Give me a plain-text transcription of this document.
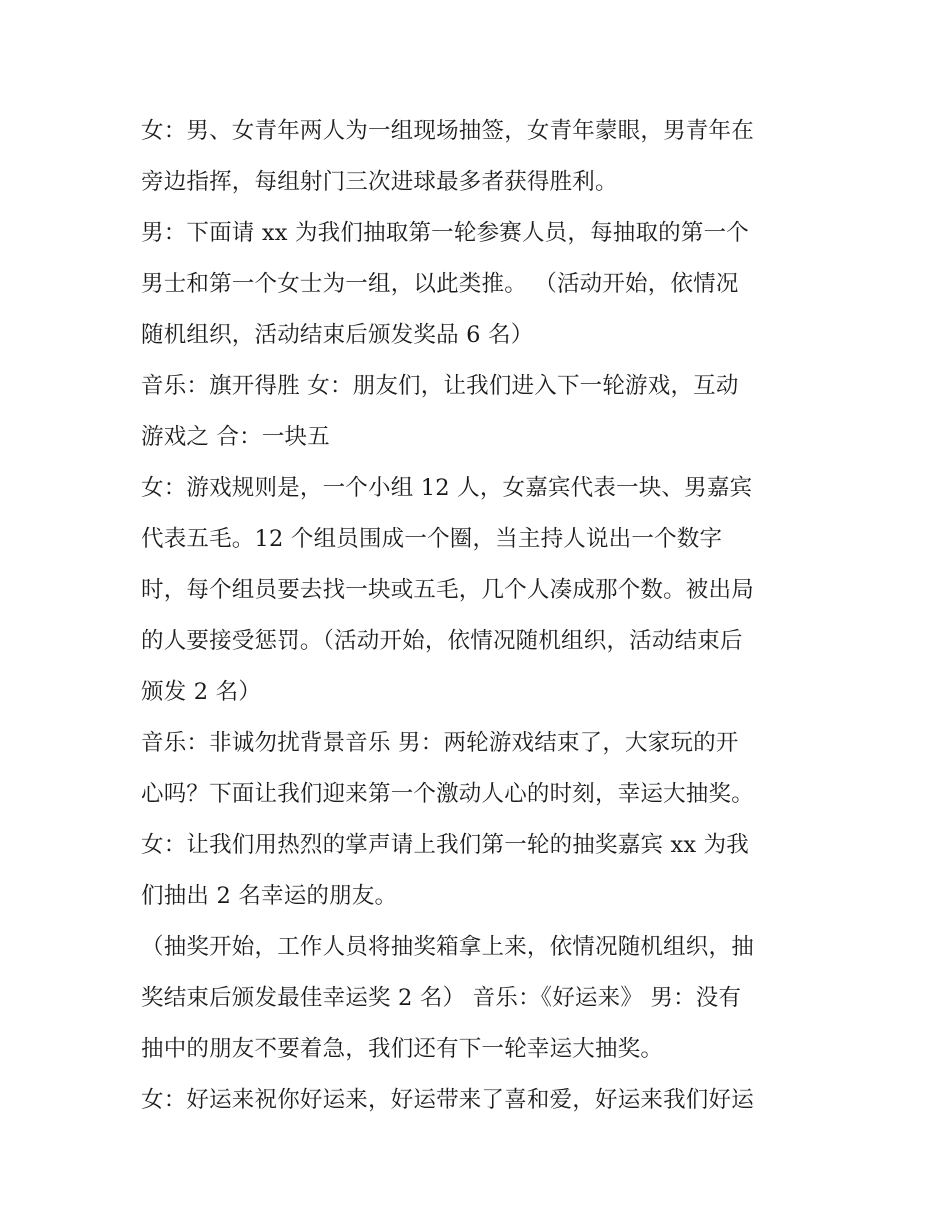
女：男、女青年两人为一组现场抽签，女青年蒙眼，男青年在
旁边指挥，每组射门三次进球最多者获得胜利。
男：下面请 xx 为我们抽取第一轮参赛人员，每抽取的第一个
男士和第一个女士为一组，以此类推。 （活动开始，依情况
随机组织，活动结束后颁发奖品 6 名）
音乐：旗开得胜 女：朋友们，让我们进入下一轮游戏，互动
游戏之 合：一块五
女：游戏规则是，一个小组 12 人，女嘉宾代表一块、男嘉宾
代表五毛。12 个组员围成一个圈，当主持人说出一个数字
时，每个组员要去找一块或五毛，几个人凑成那个数。被出局
的人要接受惩罚。（活动开始，依情况随机组织，活动结束后
颁发 2 名）
音乐：非诚勿扰背景音乐 男：两轮游戏结束了，大家玩的开
心吗？下面让我们迎来第一个激动人心的时刻，幸运大抽奖。
女：让我们用热烈的掌声请上我们第一轮的抽奖嘉宾 xx 为我
们抽出 2 名幸运的朋友。
（抽奖开始，工作人员将抽奖箱拿上来，依情况随机组织，抽
奖结束后颁发最佳幸运奖 2 名） 音乐：《好运来》 男：没有
抽中的朋友不要着急，我们还有下一轮幸运大抽奖。
女：好运来祝你好运来，好运带来了喜和爱，好运来我们好运
